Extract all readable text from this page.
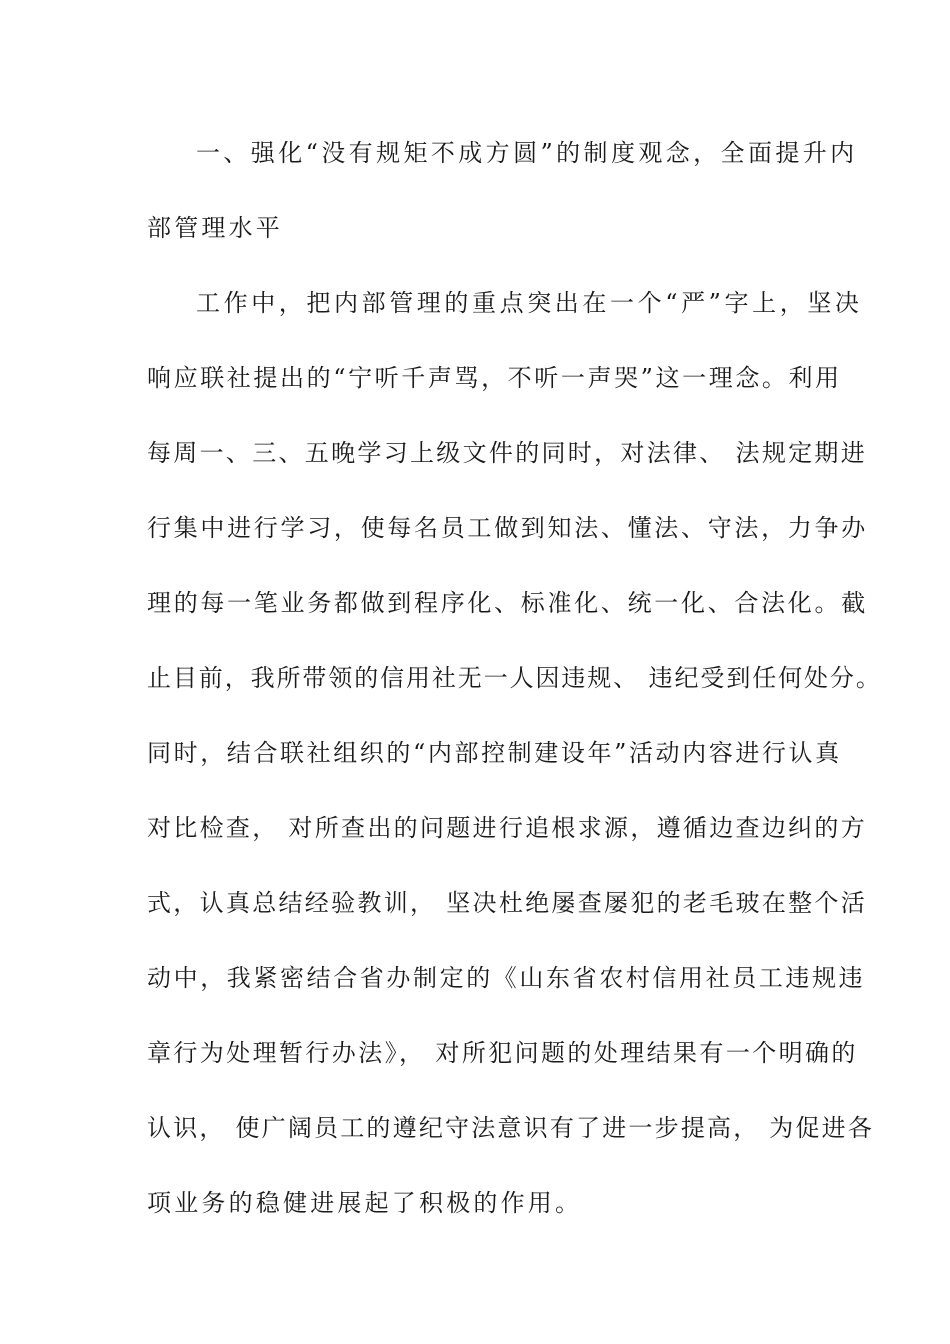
一、强化“没有规矩不成方圆”的制度观念，全面提升内
部管理水平
工作中，把内部管理的重点突出在一个“严”字上，坚决
响应联社提出的“宁听千声骂，不听一声哭”这一理念。利用
每周一、三、五晚学习上级文件的同时，对法律、 法规定期进
行集中进行学习，使每名员工做到知法、懂法、守法，力争办
理的每一笔业务都做到程序化、标准化、统一化、合法化。截
止目前，我所带领的信用社无一人因违规、 违纪受到任何处分。
同时，结合联社组织的“内部控制建设年”活动内容进行认真
对比检查， 对所查出的问题进行追根求源，遵循边查边纠的方
式，认真总结经验教训， 坚决杜绝屡查屡犯的老毛玻在整个活
动中，我紧密结合省办制定的《山东省农村信用社员工违规违
章行为处理暂行办法》， 对所犯问题的处理结果有一个明确的
认识， 使广阔员工的遵纪守法意识有了进一步提高， 为促进各
项业务的稳健进展起了积极的作用。
